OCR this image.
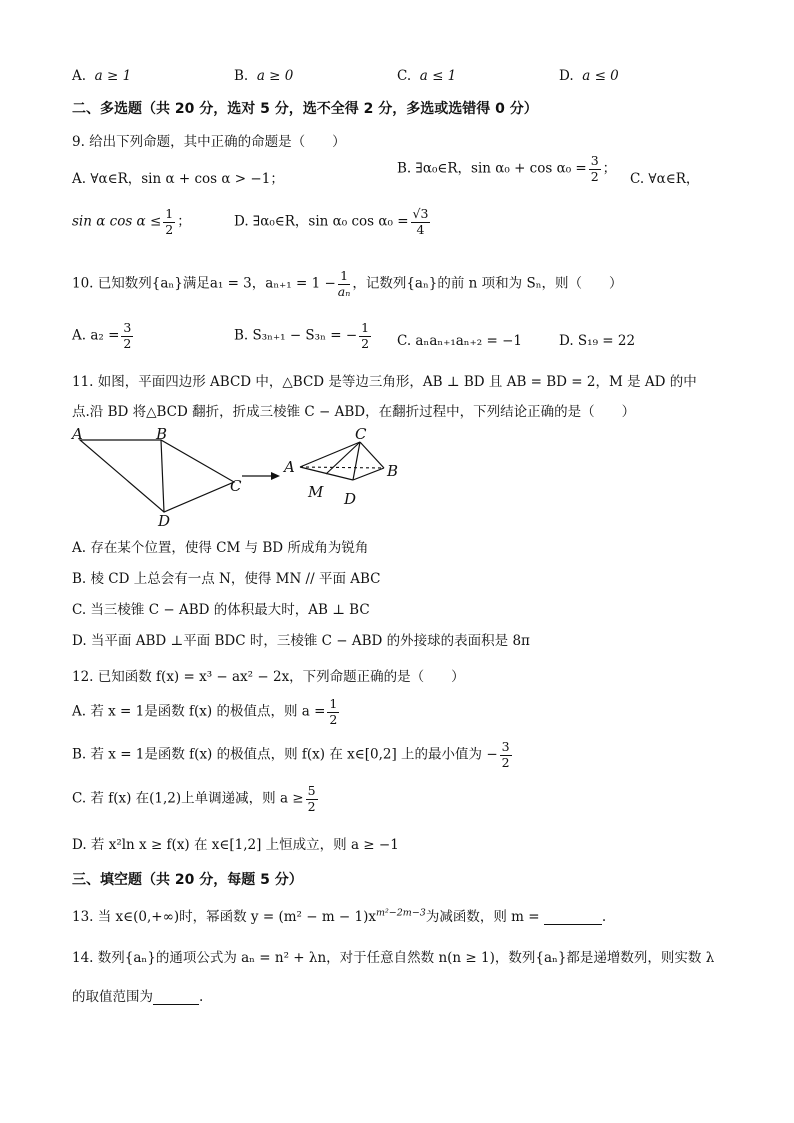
A. a ≥ 1	B. a ≥ 0	C. a ≤ 1	D. a ≤ 0
二、多选题（共 20 分，选对 5 分，选不全得 2 分，多选或选错得 0 分）
9. 给出下列命题，其中正确的命题是（　　）
A. ∀α∈R，sin α + cos α > −1；
B. ∃α₀∈R，$\sin \alpha_0 + \cos \alpha_0 = \frac{3}{2}$ ；
C. ∀α∈R，
sin α $\cos \alpha \le \frac{1}{2}$ ；	D. ∃α₀∈R，sin α₀ $\cos \alpha_0 = \frac{√3}{4}$
10. 已知数列{aₙ}满足a₁ = 3，$a_{n+1} = 1 - \frac{1}{\text{aₙ}}$ ，记数列{aₙ}的前 n 项和为 Sₙ，则（　　）
A. $a_2 = \frac{3}{2}$	B. S₃ₙ₊₁ − S₃ₙ = − $\frac{1}{2} C$. aₙaₙ₊₁aₙ₊₂ = −1	D. S₁₉ = 22
11. 如图，平面四边形 ABCD 中，△BCD 是等边三角形，AB ⊥ BD 且 AB = BD = 2，M 是 AD 的中
点.沿 BD 将△BCD 翻折，折成三棱锥 C − ABD，在翻折过程中，下列结论正确的是（　　）
A	B
C
D
A	B
C
D
M
A. 存在某个位置，使得 CM 与 BD 所成角为锐角
B. 棱 CD 上总会有一点 N，使得 MN // 平面 ABC
C. 当三棱锥 C − ABD 的体积最大时，AB ⊥ BC
D. 当平面 ABD ⊥平面 BDC 时，三棱锥 C − ABD 的外接球的表面积是 8π
12. 已知函数 f(x) = x³ − ax² − 2x，下列命题正确的是（　　）
A. 若 x = 1是函数 f(x) 的极值点，则 $a = \frac{1}{2}$
B. 若 x = 1是函数 f(x) 的极值点，则 f(x) 在 x∈[0,2] 上的最小值为 − $\frac{3}{2}$
C. 若 f(x) 在(1,2)上单调递减，则 $a \ge \frac{5}{2}$
D. 若 x²ln x ≥ f(x) 在 x∈[1,2] 上恒成立，则 a ≥ −1
三、填空题（共 20 分，每题 5 分）
13. 当 x∈(0,+∞)时，幂函数 $y = (m^2 - m - 1)x^{m^2-2m-3}$为减函数，则 m =	.
14. 数列{aₙ}的通项公式为 aₙ = n² + λn，对于任意自然数 n(n ≥ 1)，数列{aₙ}都是递增数列，则实数 λ
的取值范围为	.
